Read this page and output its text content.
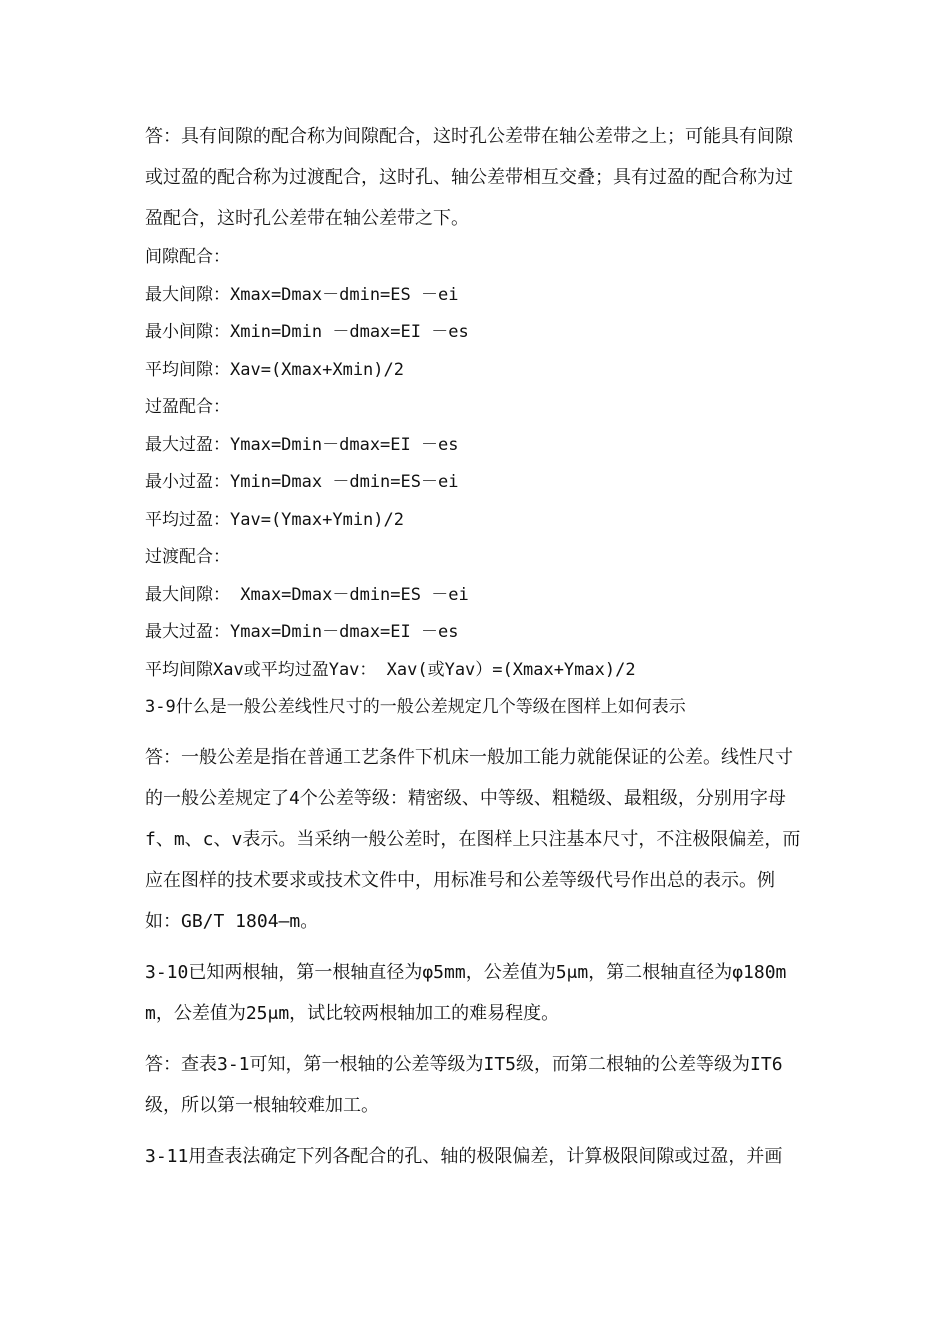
答：具有间隙的配合称为间隙配合，这时孔公差带在轴公差带之上；可能具有间隙或过盈的配合称为过渡配合，这时孔、轴公差带相互交叠；具有过盈的配合称为过盈配合，这时孔公差带在轴公差带之下。

间隙配合：

最大间隙：Xmax=Dmax－dmin=ES －ei

最小间隙：Xmin=Dmin －dmax=EI －es

平均间隙：Xav=(Xmax+Xmin)/2

过盈配合：

最大过盈：Ymax=Dmin－dmax=EI －es

最小过盈：Ymin=Dmax －dmin=ES－ei

平均过盈：Yav=(Ymax+Ymin)/2

过渡配合：

最大间隙： Xmax=Dmax－dmin=ES －ei

最大过盈：Ymax=Dmin－dmax=EI －es

平均间隙Xav或平均过盈Yav： Xav(或Yav）=(Xmax+Ymax)/2

3-9什么是一般公差线性尺寸的一般公差规定几个等级在图样上如何表示

答：一般公差是指在普通工艺条件下机床一般加工能力就能保证的公差。线性尺寸的一般公差规定了4个公差等级：精密级、中等级、粗糙级、最粗级，分别用字母f、m、c、v表示。当采纳一般公差时，在图样上只注基本尺寸，不注极限偏差，而应在图样的技术要求或技术文件中，用标准号和公差等级代号作出总的表示。例如：GB/T 1804—m。

3-10已知两根轴，第一根轴直径为φ5mm，公差值为5μm，第二根轴直径为φ180mm，公差值为25μm，试比较两根轴加工的难易程度。

答：查表3-1可知，第一根轴的公差等级为IT5级，而第二根轴的公差等级为IT6级，所以第一根轴较难加工。

3-11用查表法确定下列各配合的孔、轴的极限偏差，计算极限间隙或过盈，并画
